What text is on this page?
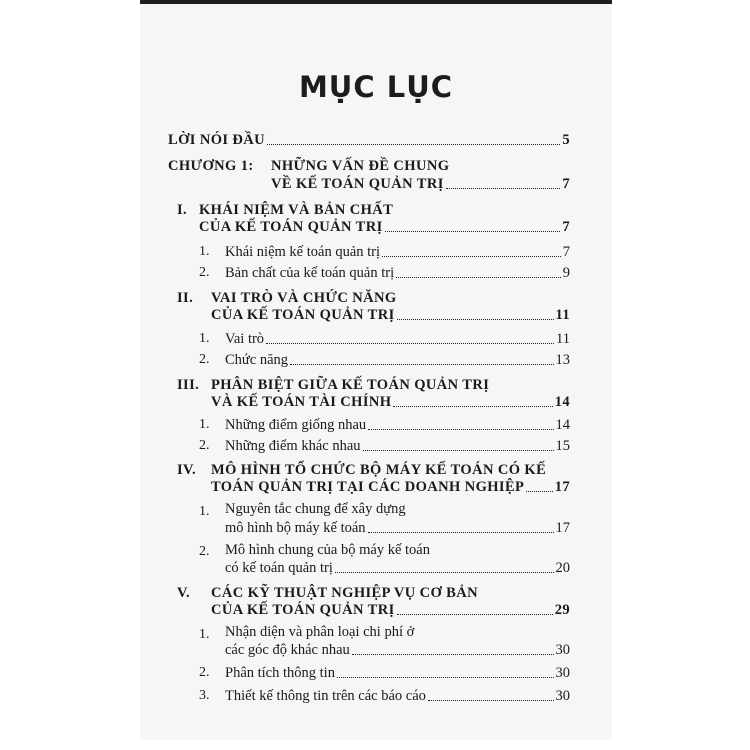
MỤC LỤC
LỜI NÓI ĐẦU	5
CHƯƠNG 1: NHỮNG VẤN ĐỀ CHUNG
VỀ KẾ TOÁN QUẢN TRỊ	7
I. KHÁI NIỆM VÀ BẢN CHẤT
CỦA KẾ TOÁN QUẢN TRỊ	7
1. Khái niệm kế toán quản trị	7
2. Bản chất của kế toán quản trị	9
II. VAI TRÒ VÀ CHỨC NĂNG
CỦA KẾ TOÁN QUẢN TRỊ	11
1. Vai trò	11
2. Chức năng	13
III. PHÂN BIỆT GIỮA KẾ TOÁN QUẢN TRỊ
VÀ KẾ TOÁN TÀI CHÍNH	14
1. Những điểm giống nhau	14
2. Những điểm khác nhau	15
IV. MÔ HÌNH TỔ CHỨC BỘ MÁY KẾ TOÁN CÓ KẾ
TOÁN QUẢN TRỊ TẠI CÁC DOANH NGHIỆP 17
1. Nguyên tắc chung để xây dựng
mô hình bộ máy kế toán	17
2. Mô hình chung của bộ máy kế toán
có kế toán quản trị	20
V. CÁC KỸ THUẬT NGHIỆP VỤ CƠ BẢN
CỦA KẾ TOÁN QUẢN TRỊ	29
1. Nhận diện và phân loại chi phí ở
các góc độ khác nhau	30
2. Phân tích thông tin	30
3. Thiết kế thông tin trên các báo cáo	30
